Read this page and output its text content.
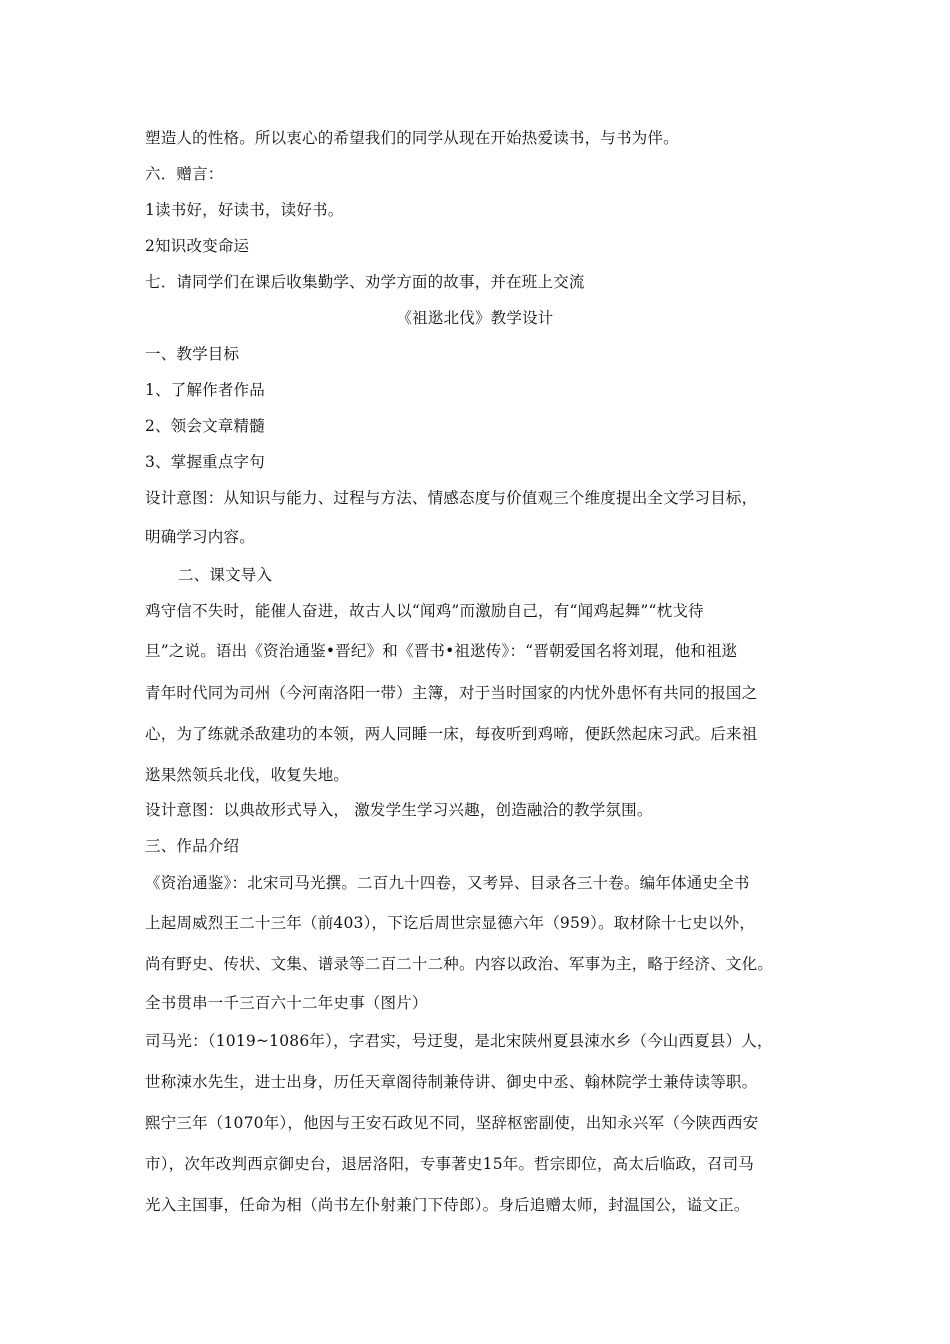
塑造人的性格。所以衷心的希望我们的同学从现在开始热爱读书，与书为伴。
六．赠言：
1读书好，好读书，读好书。
2知识改变命运
七．请同学们在课后收集勤学、劝学方面的故事，并在班上交流
《祖逖北伐》教学设计
一、教学目标
1、了解作者作品
2、领会文章精髓
3、掌握重点字句
设计意图：从知识与能力、过程与方法、情感态度与价值观三个维度提出全文学习目标，
明确学习内容。
二、课文导入
鸡守信不失时，能催人奋进，故古人以“闻鸡”而激励自己，有“闻鸡起舞”“枕戈待
旦”之说。语出《资治通鉴•晋纪》和《晋书•祖逖传》：“晋朝爱国名将刘琨，他和祖逖
青年时代同为司州（今河南洛阳一带）主簿，对于当时国家的内忧外患怀有共同的报国之
心，为了练就杀敌建功的本领，两人同睡一床，每夜听到鸡啼，便跃然起床习武。后来祖
逖果然领兵北伐，收复失地。
设计意图：以典故形式导入， 激发学生学习兴趣，创造融洽的教学氛围。
三、作品介绍
《资治通鉴》：北宋司马光撰。二百九十四卷，又考异、目录各三十卷。编年体通史全书
上起周威烈王二十三年（前403），下讫后周世宗显德六年（959）。取材除十七史以外，
尚有野史、传状、文集、谱录等二百二十二种。内容以政治、军事为主，略于经济、文化。
全书贯串一千三百六十二年史事（图片）
司马光：（1019~1086年），字君实，号迂叟，是北宋陕州夏县涑水乡（今山西夏县）人，
世称涑水先生，进士出身，历任天章阁待制兼侍讲、御史中丞、翰林院学士兼侍读等职。
熙宁三年（1070年），他因与王安石政见不同，坚辞枢密副使，出知永兴军（今陕西西安
市），次年改判西京御史台，退居洛阳，专事著史15年。哲宗即位，高太后临政，召司马
光入主国事，任命为相（尚书左仆射兼门下侍郎）。身后追赠太师，封温国公，谥文正。
